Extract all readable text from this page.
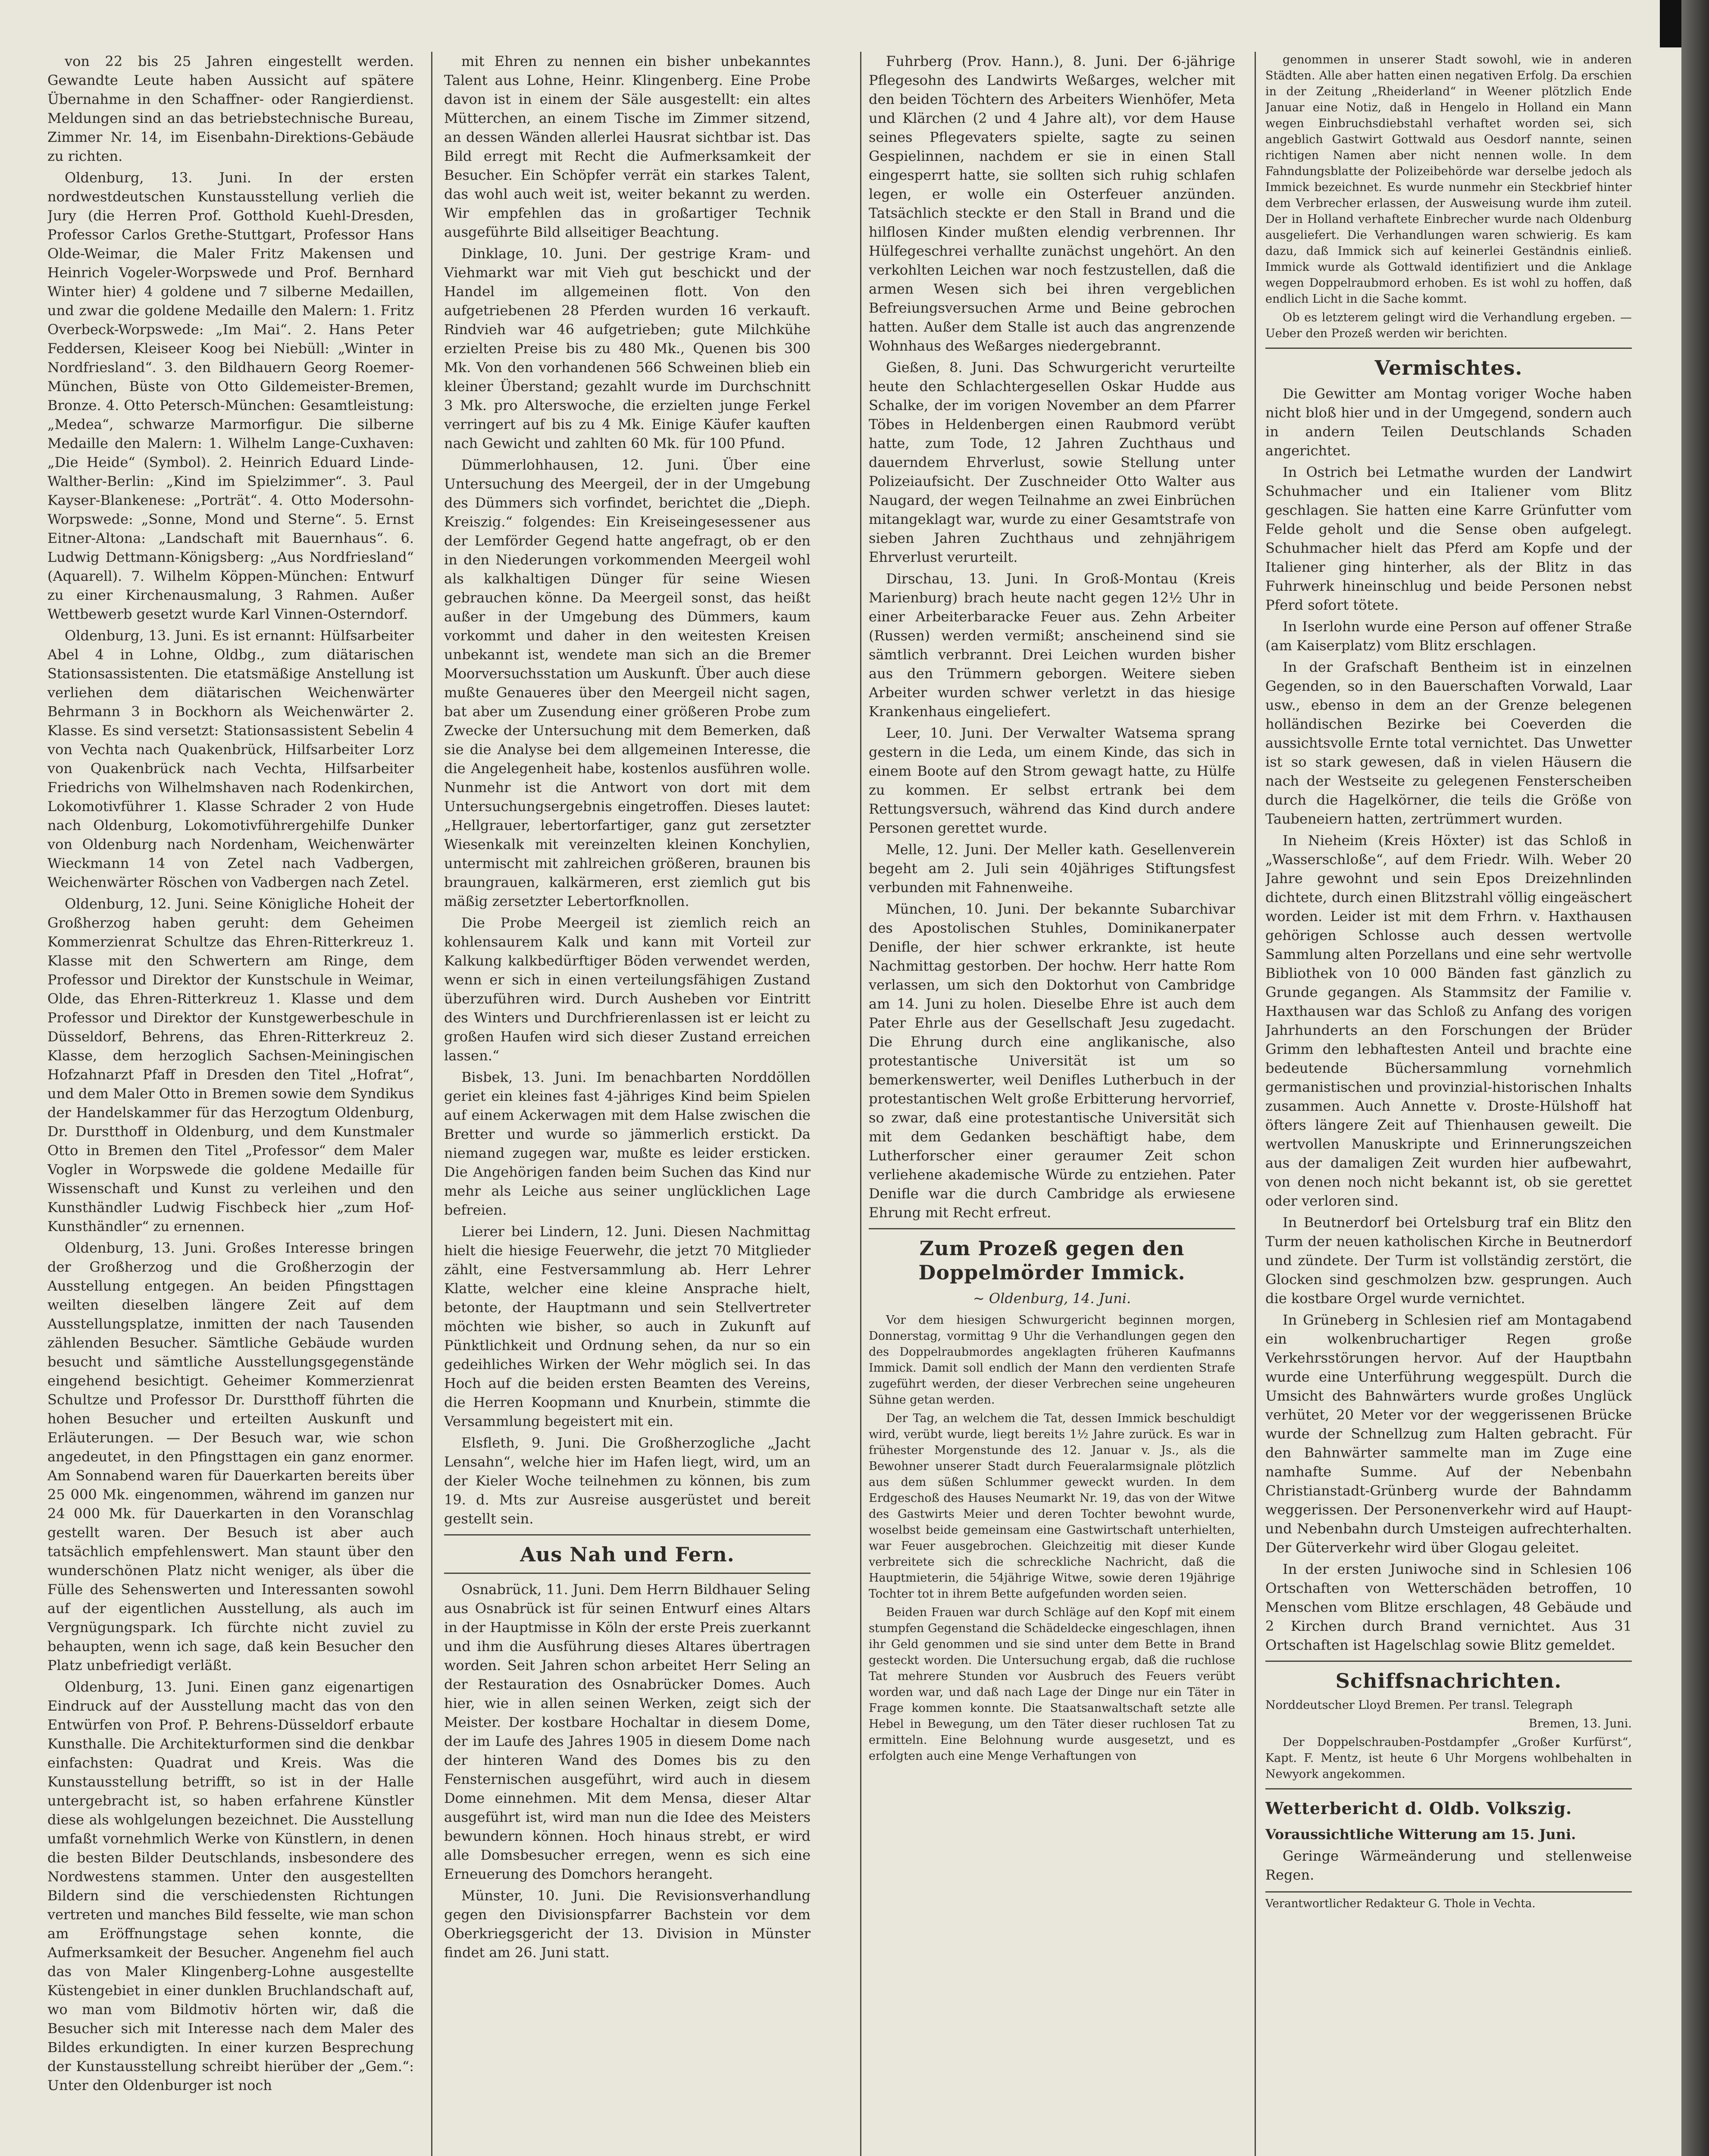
von 22 bis 25 Jahren eingestellt werden. Gewandte Leute haben Aussicht auf spätere Übernahme in den Schaffner- oder Rangierdienst. Meldungen sind an das betriebstechnische Bureau, Zimmer Nr. 14, im Eisenbahn-Direktions-Gebäude zu richten.

Oldenburg, 13. Juni. In der ersten nordwestdeutschen Kunstausstellung verlieh die Jury (die Herren Prof. Gotthold Kuehl-Dresden, Professor Carlos Grethe-Stuttgart, Professor Hans Olde-Weimar, die Maler Fritz Makensen und Heinrich Vogeler-Worpswede und Prof. Bernhard Winter hier) 4 goldene und 7 silberne Medaillen, und zwar die goldene Medaille den Malern: 1. Fritz Overbeck-Worpswede: „Im Mai“. 2. Hans Peter Feddersen, Kleiseer Koog bei Niebüll: „Winter in Nordfriesland“. 3. den Bildhauern Georg Roemer-München, Büste von Otto Gildemeister-Bremen, Bronze. 4. Otto Petersch-München: Gesamtleistung: „Medea“, schwarze Marmorfigur. Die silberne Medaille den Malern: 1. Wilhelm Lange-Cuxhaven: „Die Heide“ (Symbol). 2. Heinrich Eduard Linde-Walther-Berlin: „Kind im Spielzimmer“. 3. Paul Kayser-Blankenese: „Porträt“. 4. Otto Modersohn-Worpswede: „Sonne, Mond und Sterne“. 5. Ernst Eitner-Altona: „Landschaft mit Bauernhaus“. 6. Ludwig Dettmann-Königsberg: „Aus Nordfriesland“ (Aquarell). 7. Wilhelm Köppen-München: Entwurf zu einer Kirchenausmalung, 3 Rahmen. Außer Wettbewerb gesetzt wurde Karl Vinnen-Osterndorf.

Oldenburg, 13. Juni. Es ist ernannt: Hülfsarbeiter Abel 4 in Lohne, Oldbg., zum diätarischen Stationsassistenten. Die etatsmäßige Anstellung ist verliehen dem diätarischen Weichenwärter Behrmann 3 in Bockhorn als Weichenwärter 2. Klasse. Es sind versetzt: Stationsassistent Sebelin 4 von Vechta nach Quakenbrück, Hilfsarbeiter Lorz von Quakenbrück nach Vechta, Hilfsarbeiter Friedrichs von Wilhelmshaven nach Rodenkirchen, Lokomotivführer 1. Klasse Schrader 2 von Hude nach Oldenburg, Lokomotivführergehilfe Dunker von Oldenburg nach Nordenham, Weichenwärter Wieckmann 14 von Zetel nach Vadbergen, Weichenwärter Röschen von Vadbergen nach Zetel.

Oldenburg, 12. Juni. Seine Königliche Hoheit der Großherzog haben geruht: dem Geheimen Kommerzienrat Schultze das Ehren-Ritterkreuz 1. Klasse mit den Schwertern am Ringe, dem Professor und Direktor der Kunstschule in Weimar, Olde, das Ehren-Ritterkreuz 1. Klasse und dem Professor und Direktor der Kunstgewerbeschule in Düsseldorf, Behrens, das Ehren-Ritterkreuz 2. Klasse, dem herzoglich Sachsen-Meiningischen Hofzahnarzt Pfaff in Dresden den Titel „Hofrat“, und dem Maler Otto in Bremen sowie dem Syndikus der Handelskammer für das Herzogtum Oldenburg, Dr. Durstthoff in Oldenburg, und dem Kunstmaler Otto in Bremen den Titel „Professor“ dem Maler Vogler in Worpswede die goldene Medaille für Wissenschaft und Kunst zu verleihen und den Kunsthändler Ludwig Fischbeck hier „zum Hof-Kunsthändler“ zu ernennen.

Oldenburg, 13. Juni. Großes Interesse bringen der Großherzog und die Großherzogin der Ausstellung entgegen. An beiden Pfingsttagen weilten dieselben längere Zeit auf dem Ausstellungsplatze, inmitten der nach Tausenden zählenden Besucher. Sämtliche Gebäude wurden besucht und sämtliche Ausstellungsgegenstände eingehend besichtigt. Geheimer Kommerzienrat Schultze und Professor Dr. Durstthoff führten die hohen Besucher und erteilten Auskunft und Erläuterungen. — Der Besuch war, wie schon angedeutet, in den Pfingsttagen ein ganz enormer. Am Sonnabend waren für Dauerkarten bereits über 25 000 Mk. eingenommen, während im ganzen nur 24 000 Mk. für Dauerkarten in den Voranschlag gestellt waren. Der Besuch ist aber auch tatsächlich empfehlenswert. Man staunt über den wunderschönen Platz nicht weniger, als über die Fülle des Sehenswerten und Interessanten sowohl auf der eigentlichen Ausstellung, als auch im Vergnügungspark. Ich fürchte nicht zuviel zu behaupten, wenn ich sage, daß kein Besucher den Platz unbefriedigt verläßt.

Oldenburg, 13. Juni. Einen ganz eigenartigen Eindruck auf der Ausstellung macht das von den Entwürfen von Prof. P. Behrens-Düsseldorf erbaute Kunsthalle. Die Architekturformen sind die denkbar einfachsten: Quadrat und Kreis. Was die Kunstausstellung betrifft, so ist in der Halle untergebracht ist, so haben erfahrene Künstler diese als wohlgelungen bezeichnet. Die Ausstellung umfaßt vornehmlich Werke von Künstlern, in denen die besten Bilder Deutschlands, insbesondere des Nordwestens stammen. Unter den ausgestellten Bildern sind die verschiedensten Richtungen vertreten und manches Bild fesselte, wie man schon am Eröffnungstage sehen konnte, die Aufmerksamkeit der Besucher. Angenehm fiel auch das von Maler Klingenberg-Lohne ausgestellte Küstengebiet in einer dunklen Bruchlandschaft auf, wo man vom Bildmotiv hörten wir, daß die Besucher sich mit Interesse nach dem Maler des Bildes erkundigten. In einer kurzen Besprechung der Kunstausstellung schreibt hierüber der „Gem.“: Unter den Oldenburger ist noch

mit Ehren zu nennen ein bisher unbekanntes Talent aus Lohne, Heinr. Klingenberg. Eine Probe davon ist in einem der Säle ausgestellt: ein altes Mütterchen, an einem Tische im Zimmer sitzend, an dessen Wänden allerlei Hausrat sichtbar ist. Das Bild erregt mit Recht die Aufmerksamkeit der Besucher. Ein Schöpfer verrät ein starkes Talent, das wohl auch weit ist, weiter bekannt zu werden. Wir empfehlen das in großartiger Technik ausgeführte Bild allseitiger Beachtung.

Dinklage, 10. Juni. Der gestrige Kram- und Viehmarkt war mit Vieh gut beschickt und der Handel im allgemeinen flott. Von den aufgetriebenen 28 Pferden wurden 16 verkauft. Rindvieh war 46 aufgetrieben; gute Milchkühe erzielten Preise bis zu 480 Mk., Quenen bis 300 Mk. Von den vorhandenen 566 Schweinen blieb ein kleiner Überstand; gezahlt wurde im Durchschnitt 3 Mk. pro Alterswoche, die erzielten junge Ferkel verringert auf bis zu 4 Mk. Einige Käufer kauften nach Gewicht und zahlten 60 Mk. für 100 Pfund.

Dümmerlohhausen, 12. Juni. Über eine Untersuchung des Meergeil, der in der Umgebung des Dümmers sich vorfindet, berichtet die „Dieph. Kreiszig.“ folgendes: Ein Kreiseingesessener aus der Lemförder Gegend hatte angefragt, ob er den in den Niederungen vorkommenden Meergeil wohl als kalkhaltigen Dünger für seine Wiesen gebrauchen könne. Da Meergeil sonst, das heißt außer in der Umgebung des Dümmers, kaum vorkommt und daher in den weitesten Kreisen unbekannt ist, wendete man sich an die Bremer Moorversuchsstation um Auskunft. Über auch diese mußte Genaueres über den Meergeil nicht sagen, bat aber um Zusendung einer größeren Probe zum Zwecke der Untersuchung mit dem Bemerken, daß sie die Analyse bei dem allgemeinen Interesse, die die Angelegenheit habe, kostenlos ausführen wolle. Nunmehr ist die Antwort von dort mit dem Untersuchungsergebnis eingetroffen. Dieses lautet: „Hellgrauer, lebertorfartiger, ganz gut zersetzter Wiesenkalk mit vereinzelten kleinen Konchylien, untermischt mit zahlreichen größeren, braunen bis braungrauen, kalkärmeren, erst ziemlich gut bis mäßig zersetzter Lebertorfknollen.

Die Probe Meergeil ist ziemlich reich an kohlensaurem Kalk und kann mit Vorteil zur Kalkung kalkbedürftiger Böden verwendet werden, wenn er sich in einen verteilungsfähigen Zustand überzuführen wird. Durch Ausheben vor Eintritt des Winters und Durchfrierenlassen ist er leicht zu großen Haufen wird sich dieser Zustand erreichen lassen.“

Bisbek, 13. Juni. Im benachbarten Norddöllen geriet ein kleines fast 4-jähriges Kind beim Spielen auf einem Ackerwagen mit dem Halse zwischen die Bretter und wurde so jämmerlich erstickt. Da niemand zugegen war, mußte es leider ersticken. Die Angehörigen fanden beim Suchen das Kind nur mehr als Leiche aus seiner unglücklichen Lage befreien.

Lierer bei Lindern, 12. Juni. Diesen Nachmittag hielt die hiesige Feuerwehr, die jetzt 70 Mitglieder zählt, eine Festversammlung ab. Herr Lehrer Klatte, welcher eine kleine Ansprache hielt, betonte, der Hauptmann und sein Stellvertreter möchten wie bisher, so auch in Zukunft auf Pünktlichkeit und Ordnung sehen, da nur so ein gedeihliches Wirken der Wehr möglich sei. In das Hoch auf die beiden ersten Beamten des Vereins, die Herren Koopmann und Knurbein, stimmte die Versammlung begeistert mit ein.

Elsfleth, 9. Juni. Die Großherzogliche „Jacht Lensahn“, welche hier im Hafen liegt, wird, um an der Kieler Woche teilnehmen zu können, bis zum 19. d. Mts zur Ausreise ausgerüstet und bereit gestellt sein.

Aus Nah und Fern.

Osnabrück, 11. Juni. Dem Herrn Bildhauer Seling aus Osnabrück ist für seinen Entwurf eines Altars in der Hauptmisse in Köln der erste Preis zuerkannt und ihm die Ausführung dieses Altares übertragen worden. Seit Jahren schon arbeitet Herr Seling an der Restauration des Osnabrücker Domes. Auch hier, wie in allen seinen Werken, zeigt sich der Meister. Der kostbare Hochaltar in diesem Dome, der im Laufe des Jahres 1905 in diesem Dome nach der hinteren Wand des Domes bis zu den Fensternischen ausgeführt, wird auch in diesem Dome einnehmen. Mit dem Mensa, dieser Altar ausgeführt ist, wird man nun die Idee des Meisters bewundern können. Hoch hinaus strebt, er wird alle Domsbesucher erregen, wenn es sich eine Erneuerung des Domchors herangeht.

Münster, 10. Juni. Die Revisionsverhandlung gegen den Divisionspfarrer Bachstein vor dem Oberkriegsgericht der 13. Division in Münster findet am 26. Juni statt.

Fuhrberg (Prov. Hann.), 8. Juni. Der 6-jährige Pflegesohn des Landwirts Weßarges, welcher mit den beiden Töchtern des Arbeiters Wienhöfer, Meta und Klärchen (2 und 4 Jahre alt), vor dem Hause seines Pflegevaters spielte, sagte zu seinen Gespielinnen, nachdem er sie in einen Stall eingesperrt hatte, sie sollten sich ruhig schlafen legen, er wolle ein Osterfeuer anzünden. Tatsächlich steckte er den Stall in Brand und die hilflosen Kinder mußten elendig verbrennen. Ihr Hülfegeschrei verhallte zunächst ungehört. An den verkohlten Leichen war noch festzustellen, daß die armen Wesen sich bei ihren vergeblichen Befreiungsversuchen Arme und Beine gebrochen hatten. Außer dem Stalle ist auch das angrenzende Wohnhaus des Weßarges niedergebrannt.

Gießen, 8. Juni. Das Schwurgericht verurteilte heute den Schlachtergesellen Oskar Hudde aus Schalke, der im vorigen November an dem Pfarrer Töbes in Heldenbergen einen Raubmord verübt hatte, zum Tode, 12 Jahren Zuchthaus und dauerndem Ehrverlust, sowie Stellung unter Polizeiaufsicht. Der Zuschneider Otto Walter aus Naugard, der wegen Teilnahme an zwei Einbrüchen mitangeklagt war, wurde zu einer Gesamtstrafe von sieben Jahren Zuchthaus und zehnjährigem Ehrverlust verurteilt.

Dirschau, 13. Juni. In Groß-Montau (Kreis Marienburg) brach heute nacht gegen 12½ Uhr in einer Arbeiterbaracke Feuer aus. Zehn Arbeiter (Russen) werden vermißt; anscheinend sind sie sämtlich verbrannt. Drei Leichen wurden bisher aus den Trümmern geborgen. Weitere sieben Arbeiter wurden schwer verletzt in das hiesige Krankenhaus eingeliefert.

Leer, 10. Juni. Der Verwalter Watsema sprang gestern in die Leda, um einem Kinde, das sich in einem Boote auf den Strom gewagt hatte, zu Hülfe zu kommen. Er selbst ertrank bei dem Rettungsversuch, während das Kind durch andere Personen gerettet wurde.

Melle, 12. Juni. Der Meller kath. Gesellenverein begeht am 2. Juli sein 40jähriges Stiftungsfest verbunden mit Fahnenweihe.

München, 10. Juni. Der bekannte Subarchivar des Apostolischen Stuhles, Dominikanerpater Denifle, der hier schwer erkrankte, ist heute Nachmittag gestorben. Der hochw. Herr hatte Rom verlassen, um sich den Doktorhut von Cambridge am 14. Juni zu holen. Dieselbe Ehre ist auch dem Pater Ehrle aus der Gesellschaft Jesu zugedacht. Die Ehrung durch eine anglikanische, also protestantische Universität ist um so bemerkenswerter, weil Denifles Lutherbuch in der protestantischen Welt große Erbitterung hervorrief, so zwar, daß eine protestantische Universität sich mit dem Gedanken beschäftigt habe, dem Lutherforscher einer geraumer Zeit schon verliehene akademische Würde zu entziehen. Pater Denifle war die durch Cambridge als erwiesene Ehrung mit Recht erfreut.

Zum Prozeß gegen den Doppelmörder Immick.
~ Oldenburg, 14. Juni.

Vor dem hiesigen Schwurgericht beginnen morgen, Donnerstag, vormittag 9 Uhr die Verhandlungen gegen den des Doppelraubmordes angeklagten früheren Kaufmanns Immick. Damit soll endlich der Mann den verdienten Strafe zugeführt werden, der dieser Verbrechen seine ungeheuren Sühne getan werden.

Der Tag, an welchem die Tat, dessen Immick beschuldigt wird, verübt wurde, liegt bereits 1½ Jahre zurück. Es war in frühester Morgenstunde des 12. Januar v. Js., als die Bewohner unserer Stadt durch Feueralarmsignale plötzlich aus dem süßen Schlummer geweckt wurden. In dem Erdgeschoß des Hauses Neumarkt Nr. 19, das von der Witwe des Gastwirts Meier und deren Tochter bewohnt wurde, woselbst beide gemeinsam eine Gastwirtschaft unterhielten, war Feuer ausgebrochen. Gleichzeitig mit dieser Kunde verbreitete sich die schreckliche Nachricht, daß die Hauptmieterin, die 54jährige Witwe, sowie deren 19jährige Tochter tot in ihrem Bette aufgefunden worden seien.

Beiden Frauen war durch Schläge auf den Kopf mit einem stumpfen Gegenstand die Schädeldecke eingeschlagen, ihnen ihr Geld genommen und sie sind unter dem Bette in Brand gesteckt worden. Die Untersuchung ergab, daß die ruchlose Tat mehrere Stunden vor Ausbruch des Feuers verübt worden war, und daß nach Lage der Dinge nur ein Täter in Frage kommen konnte. Die Staatsanwaltschaft setzte alle Hebel in Bewegung, um den Täter dieser ruchlosen Tat zu ermitteln. Eine Belohnung wurde ausgesetzt, und es erfolgten auch eine Menge Verhaftungen von

genommen in unserer Stadt sowohl, wie in anderen Städten. Alle aber hatten einen negativen Erfolg. Da erschien in der Zeitung „Rheiderland“ in Weener plötzlich Ende Januar eine Notiz, daß in Hengelo in Holland ein Mann wegen Einbruchsdiebstahl verhaftet worden sei, sich angeblich Gastwirt Gottwald aus Oesdorf nannte, seinen richtigen Namen aber nicht nennen wolle. In dem Fahndungsblatte der Polizeibehörde war derselbe jedoch als Immick bezeichnet. Es wurde nunmehr ein Steckbrief hinter dem Verbrecher erlassen, der Ausweisung wurde ihm zuteil. Der in Holland verhaftete Einbrecher wurde nach Oldenburg ausgeliefert. Die Verhandlungen waren schwierig. Es kam dazu, daß Immick sich auf keinerlei Geständnis einließ. Immick wurde als Gottwald identifiziert und die Anklage wegen Doppelraubmord erhoben. Es ist wohl zu hoffen, daß endlich Licht in die Sache kommt.

Ob es letzterem gelingt wird die Verhandlung ergeben. — Ueber den Prozeß werden wir berichten.

Vermischtes.

Die Gewitter am Montag voriger Woche haben nicht bloß hier und in der Umgegend, sondern auch in andern Teilen Deutschlands Schaden angerichtet.

In Ostrich bei Letmathe wurden der Landwirt Schuhmacher und ein Italiener vom Blitz geschlagen. Sie hatten eine Karre Grünfutter vom Felde geholt und die Sense oben aufgelegt. Schuhmacher hielt das Pferd am Kopfe und der Italiener ging hinterher, als der Blitz in das Fuhrwerk hineinschlug und beide Personen nebst Pferd sofort tötete.

In Iserlohn wurde eine Person auf offener Straße (am Kaiserplatz) vom Blitz erschlagen.

In der Grafschaft Bentheim ist in einzelnen Gegenden, so in den Bauerschaften Vorwald, Laar usw., ebenso in dem an der Grenze belegenen holländischen Bezirke bei Coeverden die aussichtsvolle Ernte total vernichtet. Das Unwetter ist so stark gewesen, daß in vielen Häusern die nach der Westseite zu gelegenen Fensterscheiben durch die Hagelkörner, die teils die Größe von Taubeneiern hatten, zertrümmert wurden.

In Nieheim (Kreis Höxter) ist das Schloß in „Wasserschloße“, auf dem Friedr. Wilh. Weber 20 Jahre gewohnt und sein Epos Dreizehnlinden dichtete, durch einen Blitzstrahl völlig eingeäschert worden. Leider ist mit dem Frhrn. v. Haxthausen gehörigen Schlosse auch dessen wertvolle Sammlung alten Porzellans und eine sehr wertvolle Bibliothek von 10 000 Bänden fast gänzlich zu Grunde gegangen. Als Stammsitz der Familie v. Haxthausen war das Schloß zu Anfang des vorigen Jahrhunderts an den Forschungen der Brüder Grimm den lebhaftesten Anteil und brachte eine bedeutende Büchersammlung vornehmlich germanistischen und provinzial-historischen Inhalts zusammen. Auch Annette v. Droste-Hülshoff hat öfters längere Zeit auf Thienhausen geweilt. Die wertvollen Manuskripte und Erinnerungszeichen aus der damaligen Zeit wurden hier aufbewahrt, von denen noch nicht bekannt ist, ob sie gerettet oder verloren sind.

In Beutnerdorf bei Ortelsburg traf ein Blitz den Turm der neuen katholischen Kirche in Beutnerdorf und zündete. Der Turm ist vollständig zerstört, die Glocken sind geschmolzen bzw. gesprungen. Auch die kostbare Orgel wurde vernichtet.

In Grüneberg in Schlesien rief am Montagabend ein wolkenbruchartiger Regen große Verkehrsstörungen hervor. Auf der Hauptbahn wurde eine Unterführung weggespült. Durch die Umsicht des Bahnwärters wurde großes Unglück verhütet, 20 Meter vor der weggerissenen Brücke wurde der Schnellzug zum Halten gebracht. Für den Bahnwärter sammelte man im Zuge eine namhafte Summe. Auf der Nebenbahn Christianstadt-Grünberg wurde der Bahndamm weggerissen. Der Personenverkehr wird auf Haupt- und Nebenbahn durch Umsteigen aufrechterhalten. Der Güterverkehr wird über Glogau geleitet.

In der ersten Juniwoche sind in Schlesien 106 Ortschaften von Wetterschäden betroffen, 10 Menschen vom Blitze erschlagen, 48 Gebäude und 2 Kirchen durch Brand vernichtet. Aus 31 Ortschaften ist Hagelschlag sowie Blitz gemeldet.

Schiffsnachrichten.

Norddeutscher Lloyd Bremen. Per transl. Telegraph

Bremen, 13. Juni.

Der Doppelschrauben-Postdampfer „Großer Kurfürst“, Kapt. F. Mentz, ist heute 6 Uhr Morgens wohlbehalten in Newyork angekommen.

Wetterbericht d. Oldb. Volkszig.

Voraussichtliche Witterung am 15. Juni.

Geringe Wärmeänderung und stellenweise Regen.

Verantwortlicher Redakteur G. Thole in Vechta.
